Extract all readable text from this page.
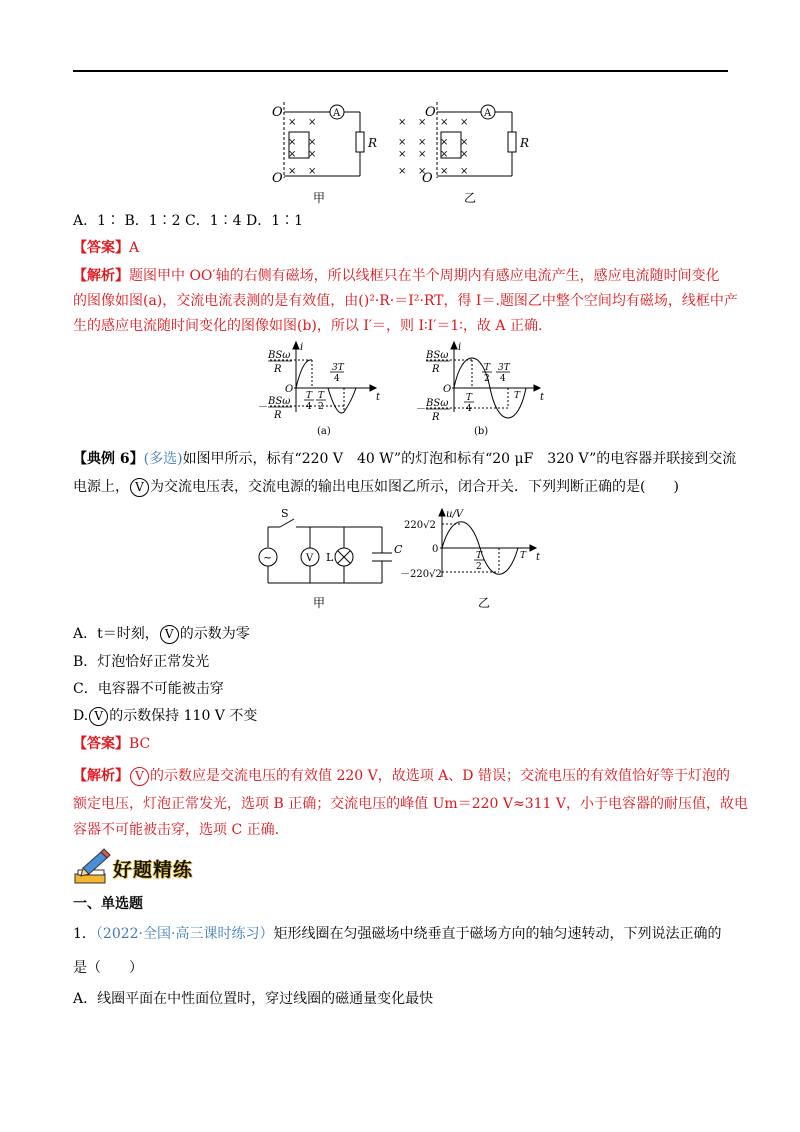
O
O
A
R
× ×
× ×
× ×
× ×
甲
O
O
A
R
× × × ×
× × × ×
× × × ×
× × × ×
乙
A．1∶ B．1∶2 C．1∶4 D．1∶1
【答案】A
【解析】题图甲中 OO′轴的右侧有磁场，所以线框只在半个周期内有感应电流产生，感应电流随时间变化
的图像如图(a)，交流电流表测的是有效值，由()²·R·＝I²·RT，得 I＝.题图乙中整个空间均有磁场，线框中产
生的感应电流随时间变化的图像如图(b)，所以 I′＝，则 I∶I′＝1∶，故 A 正确.
BSω
R
O
i
t
－
BSω
R
T
4
T
2
3T
4
(a)
BSω
R
O
i
t
－
BSω
R
T
2
3T
4
T
4
T
(b)
【典例 6】(多选)如图甲所示，标有“220 V　40 W”的灯泡和标有“20 μF　320 V”的电容器并联接到交流
电源上， V 为交流电压表，交流电源的输出电压如图乙所示，闭合开关．下列判断正确的是(　　)
S
~	V L
C
甲
u/V
220√2
0
－220√2
t
T
2
T
乙
A．t＝时刻， V 的示数为零
B．灯泡恰好正常发光
C．电容器不可能被击穿
D. V 的示数保持 110 V 不变
【答案】BC
【解析】 V 的示数应是交流电压的有效值 220 V，故选项 A、D 错误；交流电压的有效值恰好等于灯泡的
额定电压，灯泡正常发光，选项 B 正确；交流电压的峰值 Um＝220 V≈311 V，小于电容器的耐压值，故电
容器不可能被击穿，选项 C 正确.
好题精练
一、单选题
1．（2022·全国·高三课时练习）矩形线圈在匀强磁场中绕垂直于磁场方向的轴匀速转动，下列说法正确的
是（　　）
A．线圈平面在中性面位置时，穿过线圈的磁通量变化最快
